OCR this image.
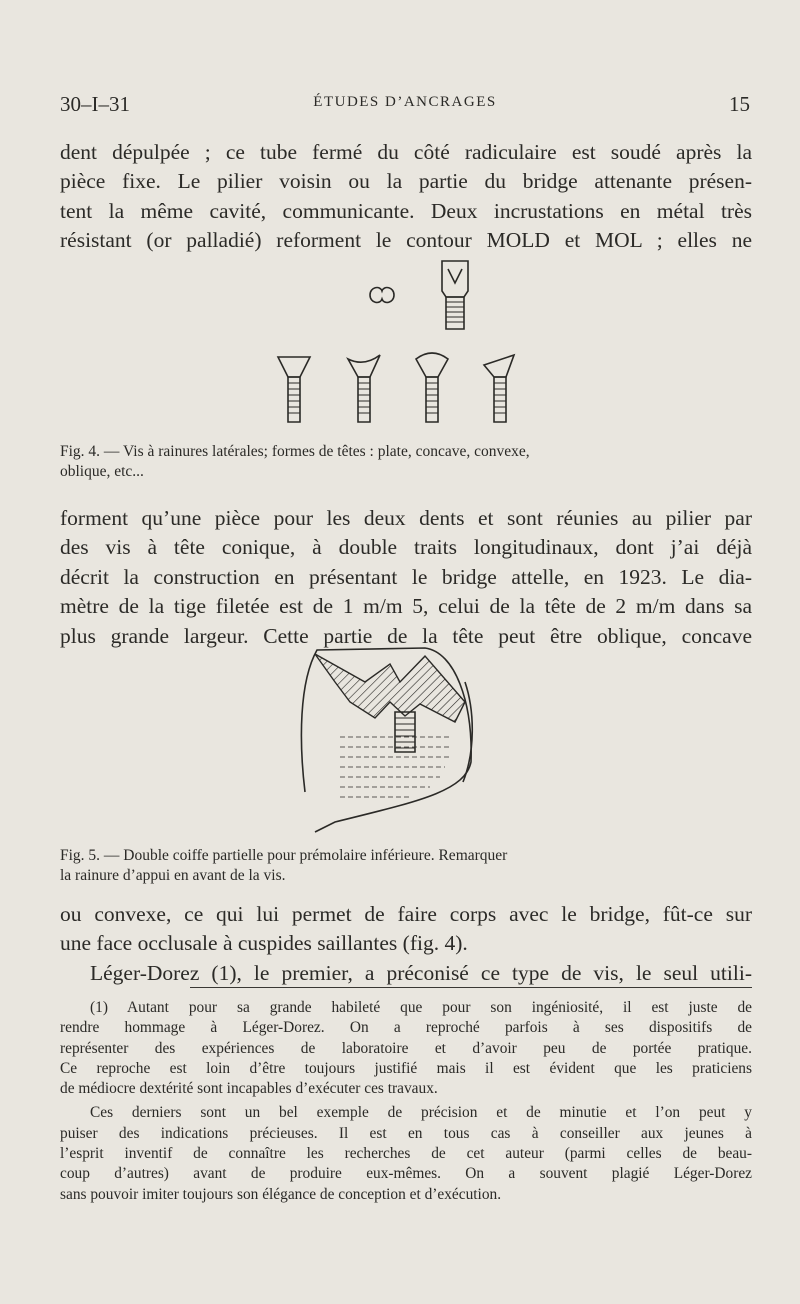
30–I–31	ÉTUDES D’ANCRAGES	15
dent dépulpée ; ce tube fermé du côté radiculaire est soudé après la
pièce fixe. Le pilier voisin ou la partie du bridge attenante présen-
tent la même cavité, communicante. Deux incrustations en métal très
résistant (or palladié) reforment le contour MOLD et MOL ; elles ne
Fig. 4. — Vis à rainures latérales; formes de têtes : plate, concave, convexe,
oblique, etc...
forment qu’une pièce pour les deux dents et sont réunies au pilier par
des vis à tête conique, à double traits longitudinaux, dont j’ai déjà
décrit la construction en présentant le bridge attelle, en 1923. Le dia-
mètre de la tige filetée est de 1 m/m 5, celui de la tête de 2 m/m dans sa
plus grande largeur. Cette partie de la tête peut être oblique, concave
Fig. 5. — Double coiffe partielle pour prémolaire inférieure. Remarquer
la rainure d’appui en avant de la vis.
ou convexe, ce qui lui permet de faire corps avec le bridge, fût-ce sur
une face occlusale à cuspides saillantes (fig. 4).
Léger-Dorez (1), le premier, a préconisé ce type de vis, le seul utili-
(1) Autant pour sa grande habileté que pour son ingéniosité, il est juste de
rendre hommage à Léger-Dorez. On a reproché parfois à ses dispositifs de
représenter des expériences de laboratoire et d’avoir peu de portée pratique.
Ce reproche est loin d’être toujours justifié mais il est évident que les praticiens
de médiocre dextérité sont incapables d’exécuter ces travaux.
Ces derniers sont un bel exemple de précision et de minutie et l’on peut y
puiser des indications précieuses. Il est en tous cas à conseiller aux jeunes à
l’esprit inventif de connaître les recherches de cet auteur (parmi celles de beau-
coup d’autres) avant de produire eux-mêmes. On a souvent plagié Léger-Dorez
sans pouvoir imiter toujours son élégance de conception et d’exécution.
